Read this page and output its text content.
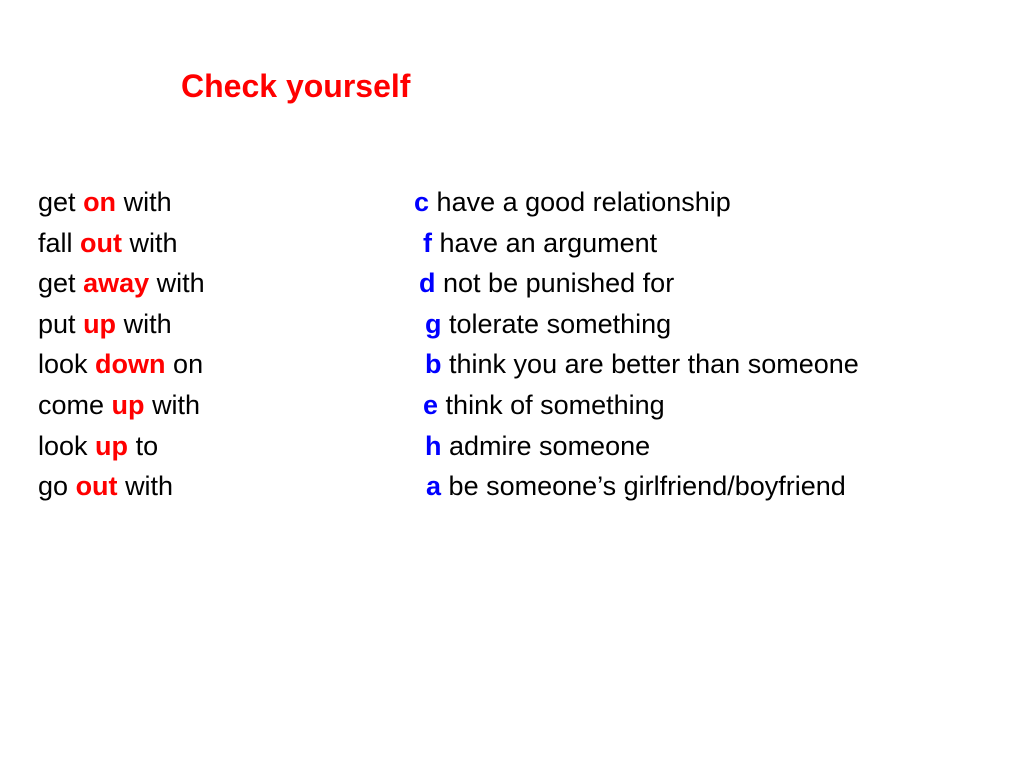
Check yourself
get on with	c have a good relationship
fall out with	f have an argument
get away with	d not be punished for
put up with	g tolerate something
look down on	b think you are better than someone
come up with	e think of something
look up to	h admire someone
go out with	a be someone’s girlfriend/boyfriend
